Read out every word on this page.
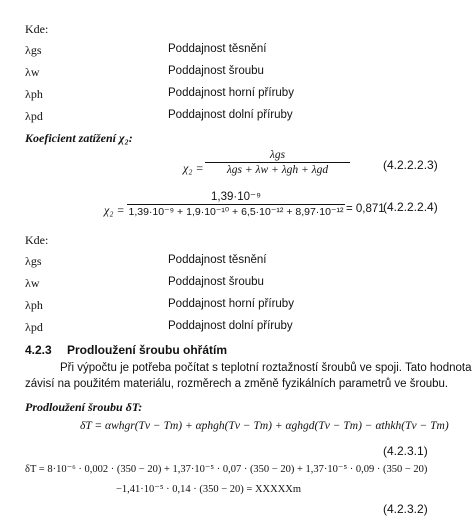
Kde:
λgs	Poddajnost těsnění
λw	Poddajnost šroubu
λph	Poddajnost horní příruby
λpd	Poddajnost dolní příruby
Koeficient zatížení χ₂:
χ₂ =
λgs
λgs + λw + λgh + λgd	(4.2.2.2.3)
χ₂ =
1,39·10⁻⁹
1,39·10⁻⁹ + 1,9·10⁻¹⁰ + 6,5·10⁻¹² + 8,97·10⁻¹² = 0,871
(4.2.2.2.4)
Kde:
λgs	Poddajnost těsnění
λw	Poddajnost šroubu
λph	Poddajnost horní příruby
λpd	Poddajnost dolní příruby
4.2.3 Prodloužení šroubu ohřátím
Při výpočtu je potřeba počítat s teplotní roztažností šroubů ve spoji. Tato hodnota
závisí na použitém materiálu, rozměrech a změně fyzikálních parametrů ve šroubu.
Prodloužení šroubu δT:
δT = αwhgr(Tv − Tm) + αphgh(Tv − Tm) + αghgd(Tv − Tm) − αthkh(Tv − Tm)
(4.2.3.1)
δT = 8·10⁻⁶ · 0,002 · (350 − 20) + 1,37·10⁻⁵ · 0,07 · (350 − 20) + 1,37·10⁻⁵ · 0,09 · (350 − 20)
−1,41·10⁻⁵ · 0,14 · (350 − 20) = XXXXXm
(4.2.3.2)
